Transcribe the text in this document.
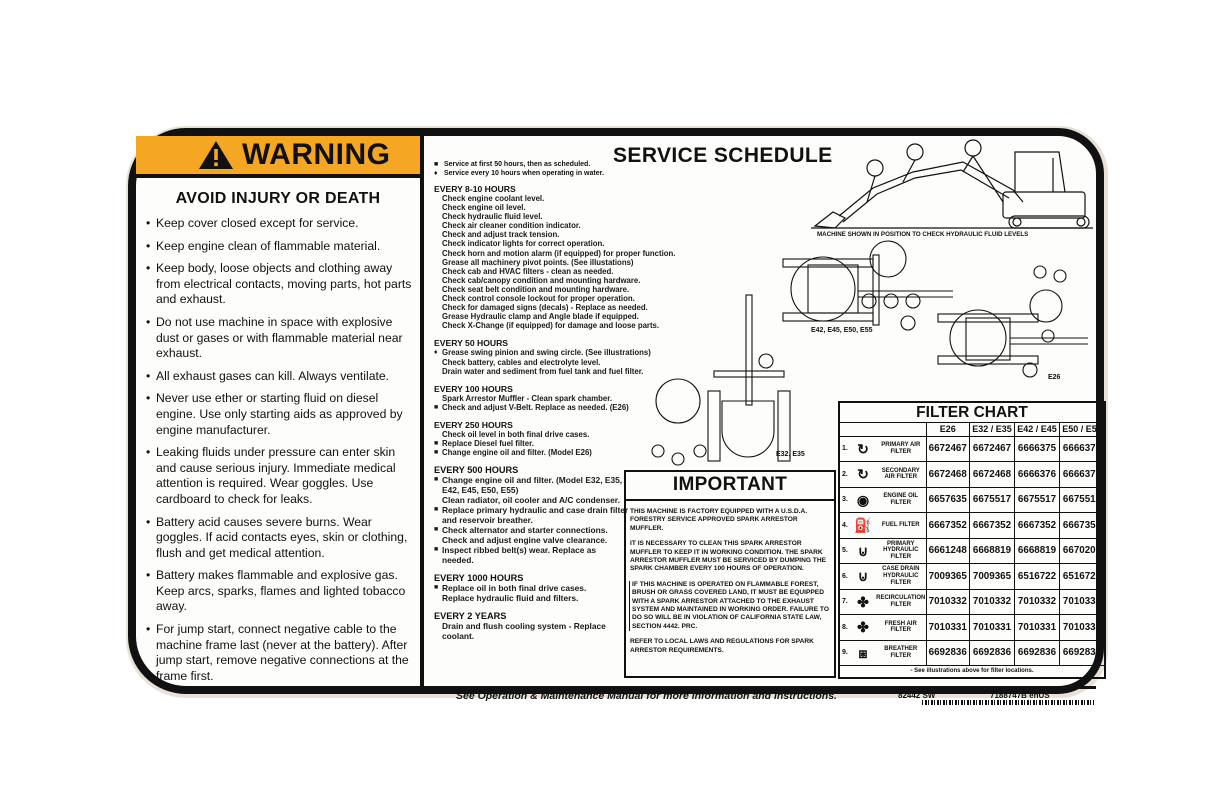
WARNING
AVOID INJURY OR DEATH
• Keep cover closed except for service.
• Keep engine clean of flammable material.
• Keep body, loose objects and clothing away from electrical contacts, moving parts, hot parts and exhaust.
• Do not use machine in space with explosive dust or gases or with flammable material near exhaust.
• All exhaust gases can kill. Always ventilate.
• Never use ether or starting fluid on diesel engine. Use only starting aids as approved by engine manufacturer.
• Leaking fluids under pressure can enter skin and cause serious injury. Immediate medical attention is required. Wear goggles. Use cardboard to check for leaks.
• Battery acid causes severe burns. Wear goggles. If acid contacts eyes, skin or clothing, flush and get medical attention.
• Battery makes flammable and explosive gas. Keep arcs, sparks, flames and lighted tobacco away.
• For jump start, connect negative cable to the machine frame last (never at the battery). After jump start, remove negative connections at the frame first.
SERVICE SCHEDULE
■ Service at first 50 hours, then as scheduled.
♦ Service every 10 hours when operating in water.
EVERY 8-10 HOURS
Check engine coolant level.
Check engine oil level.
Check hydraulic fluid level.
Check air cleaner condition indicator.
Check and adjust track tension.
Check indicator lights for correct operation.
Check horn and motion alarm (if equipped) for proper function.
Grease all machinery pivot points. (See illustations)
Check cab and HVAC filters - clean as needed.
Check cab/canopy condition and mounting hardware.
Check seat belt condition and mounting hardware.
Check control console lockout for proper operation.
Check for damaged signs (decals) - Replace as needed.
Grease Hydraulic clamp and Angle blade if equipped.
Check X-Change (if equipped) for damage and loose parts.
EVERY 50 HOURS
♦ Grease swing pinion and swing circle. (See illustrations)
Check battery, cables and electrolyte level.
Drain water and sediment from fuel tank and fuel filter.
EVERY 100 HOURS
Spark Arrestor Muffler - Clean spark chamber.
■ Check and adjust V-Belt. Replace as needed. (E26)
EVERY 250 HOURS
Check oil level in both final drive cases.
■ Replace Diesel fuel filter.
■ Change engine oil and filter. (Model E26)
EVERY 500 HOURS
■ Change engine oil and filter. (Model E32, E35, E42, E45, E50, E55)
Clean radiator, oil cooler and A/C condenser.
■ Replace primary hydraulic and case drain filter and reservoir breather.
■ Check alternator and starter connections.
Check and adjust engine valve clearance.
■ Inspect ribbed belt(s) wear. Replace as needed.
EVERY 1000 HOURS
■ Replace oil in both final drive cases.
Replace hydraulic fluid and filters.
EVERY 2 YEARS
Drain and flush cooling system - Replace coolant.
MACHINE SHOWN IN POSITION TO CHECK HYDRAULIC FLUID LEVELS
E42, E45, E50, E55
E32, E35
E26
IMPORTANT

THIS MACHINE IS FACTORY EQUIPPED WITH A U.S.D.A. FORESTRY SERVICE APPROVED SPARK ARRESTOR MUFFLER.

IT IS NECESSARY TO CLEAN THIS SPARK ARRESTOR MUFFLER TO KEEP IT IN WORKING CONDITION. THE SPARK ARRESTOR MUFFLER MUST BE SERVICED BY DUMPING THE SPARK CHAMBER EVERY 100 HOURS OF OPERATION.

IF THIS MACHINE IS OPERATED ON FLAMMABLE FOREST, BRUSH OR GRASS COVERED LAND, IT MUST BE EQUIPPED WITH A SPARK ARRESTOR ATTACHED TO THE EXHAUST SYSTEM AND MAINTAINED IN WORKING ORDER. FAILURE TO DO SO WILL BE IN VIOLATION OF CALIFORNIA STATE LAW, SECTION 4442. PRC.

REFER TO LOCAL LAWS AND REGULATIONS FOR SPARK ARRESTOR REQUIREMENTS.

FILTER CHART
	E26	E32 / E35	E42 / E45	E50 / E55

1. ↻ PRIMARY AIR FILTER	6672467	6672467	6666375	6666375

2. ↻ SECONDARY AIR FILTER	6672468	6672468	6666376	6666376

3. ◉ ENGINE OIL FILTER	6657635	6675517	6675517	6675517

4. ⛽ FUEL FILTER	6667352	6667352	6667352	6667352

5. ⊍ PRIMARY HYDRAULIC FILTER	6661248	6668819	6668819	6670207

6. ⊍ CASE DRAIN HYDRAULIC FILTER	7009365	7009365	6516722	6516722

7. ✤ RECIRCULATION FILTER	7010332	7010332	7010332	7010332

8. ✤ FRESH AIR FILTER	7010331	7010331	7010331	7010331

9. ⧆ BREATHER FILTER	6692836	6692836	6692836	6692836
- See illustrations above for filter locations.
See Operation & Maintenance Manual for more information and instructions.	82442 SW	7188747B enUS
